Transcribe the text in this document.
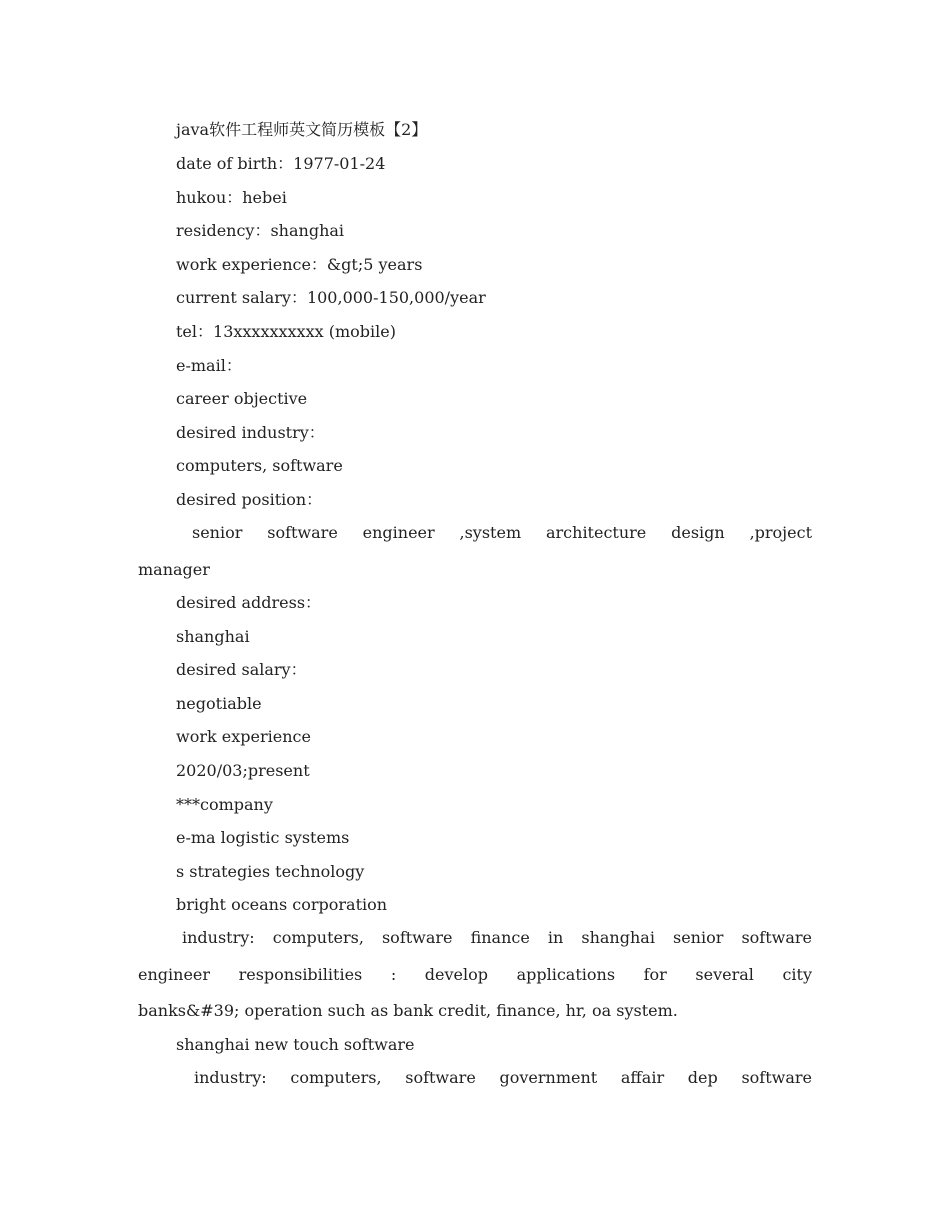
java软件工程师英文简历模板【2】
date of birth：1977-01-24
hukou：hebei
residency：shanghai
work experience：&gt;5 years
current salary：100,000-150,000/year
tel：13xxxxxxxxxx (mobile)
e-mail：
career objective
desired industry：
computers, software
desired position：
senior software engineer ,system architecture design ,project
manager
desired address：
shanghai
desired salary：
negotiable
work experience
2020/03;present
***company
e-ma logistic systems
s strategies technology
bright oceans corporation
industry: computers, software finance in shanghai senior software
engineer responsibilities : develop applications for several city
banks&#39; operation such as bank credit, finance, hr, oa system.
shanghai new touch software
industry: computers, software government affair dep software
